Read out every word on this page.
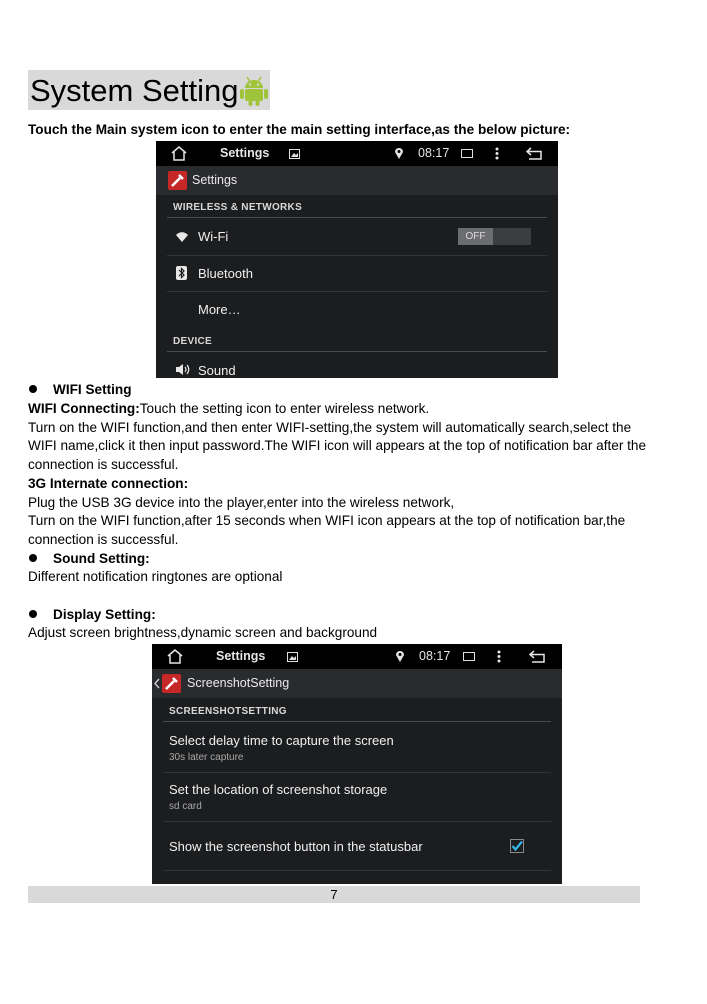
System Setting
Touch the Main system icon to enter the main setting interface,as the below picture:
Settings	08:17
Settings
WIRELESS & NETWORKS
Wi-Fi	OFF
Bluetooth
More…
DEVICE
Sound
WIFI Setting
WIFI Connecting:Touch the setting icon to enter wireless network.
Turn on the WIFI function,and then enter WIFI-setting,the system will automatically search,select the
WIFI name,click it then input password.The WIFI icon will appears at the top of notification bar after the
connection is successful.
3G Internate connection:
Plug the USB 3G device into the player,enter into the wireless network,
Turn on the WIFI function,after 15 seconds when WIFI icon appears at the top of notification bar,the
connection is successful.
Sound Setting:
Different notification ringtones are optional
Display Setting:
Adjust screen brightness,dynamic screen and background
Settings	08:17
ScreenshotSetting
SCREENSHOTSETTING
Select delay time to capture the screen
30s later capture
Set the location of screenshot storage
sd card
Show the screenshot button in the statusbar
7
